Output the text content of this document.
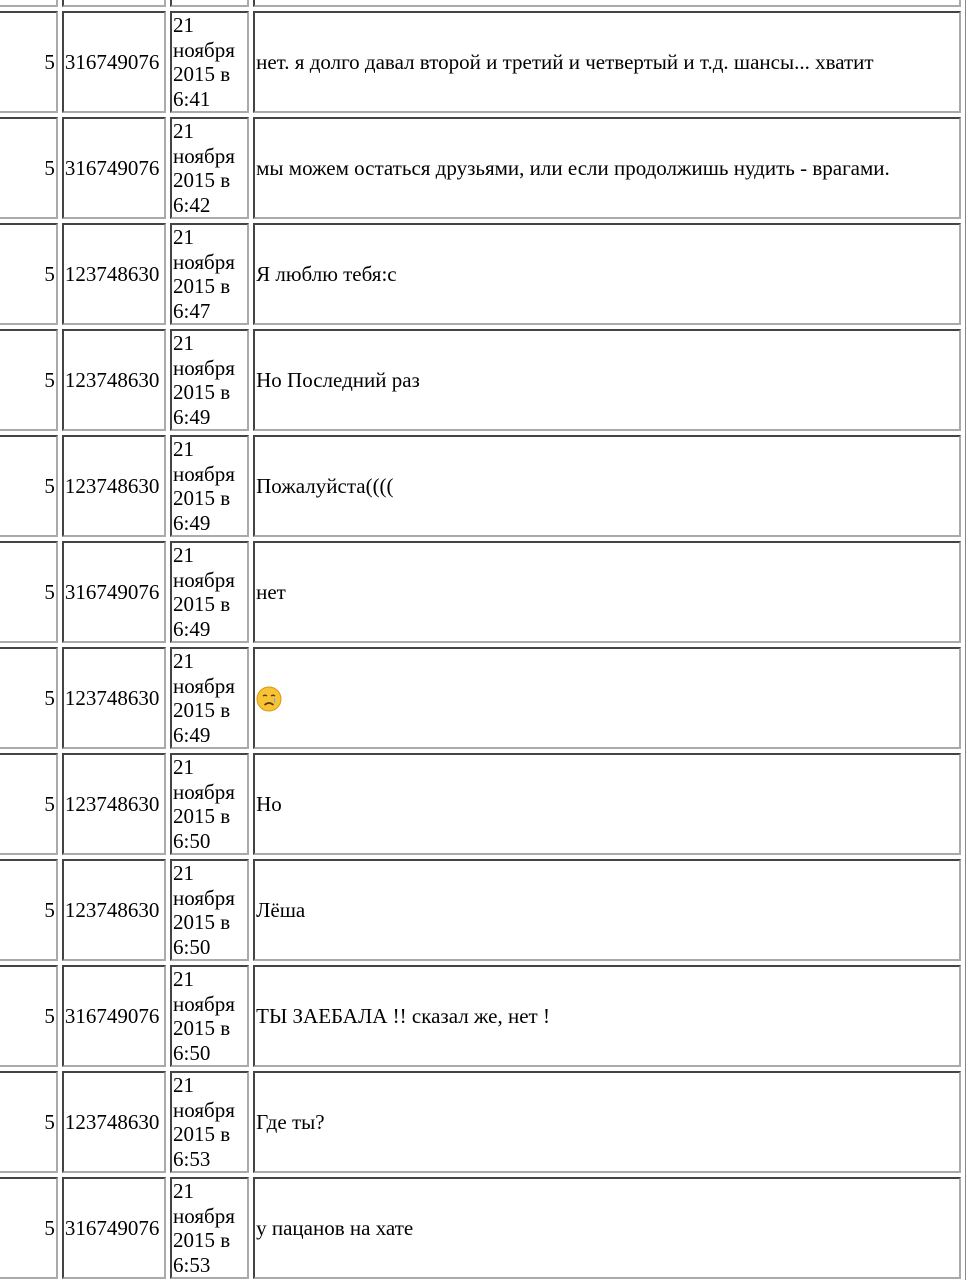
5	316749076	21
ноября
2015 в
6:41	нет. я долго давал второй и третий и четвертый и т.д. шансы... хватит
5	316749076	21
ноября
2015 в
6:42	мы можем остаться друзьями, или если продолжишь нудить - врагами.
5	123748630	21
ноября
2015 в
6:47	Я люблю тебя:с
5	123748630	21
ноября
2015 в
6:49	Но Последний раз
5	123748630	21
ноября
2015 в
6:49	Пожалуйста((((
5	316749076	21
ноября
2015 в
6:49	нет
5	123748630	21
ноября
2015 в
6:49

5	123748630	21
ноября
2015 в
6:50	Но
5	123748630	21
ноября
2015 в
6:50	Лёша
5	316749076	21
ноября
2015 в
6:50	ТЫ ЗАЕБАЛА !! сказал же, нет !
5	123748630	21
ноября
2015 в
6:53	Где ты?
5	316749076	21
ноября
2015 в
6:53	у пацанов на хате
